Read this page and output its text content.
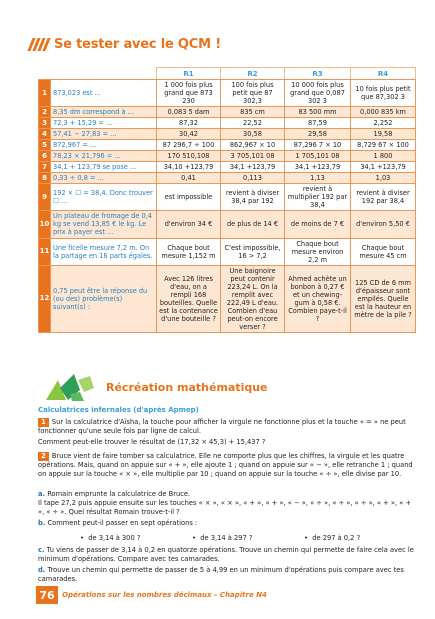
Se tester avec le QCM !
		R1	R2	R3	R4
1	873,023 est ...	1 000 fois plus grand que 873 230	100 fois plus petit que 87 302,3	10 000 fois plus grand que 0,087 302 3	10 fois plus petit que 87,302 3
2	8,35 dm correspond à ...	0,083 5 dam	835 cm	83 500 mm	0,000 835 km
3	72,3 + 15,29 = ...	87,32	22,52	87,59	2,252
4	57,41 − 27,83 = ...	30,42	30,58	29,58	19,58
5	872,967 = ...	87 296,7 ÷ 100	862,967 × 10	87,296 7 × 10	8,729 67 × 100
6	78,23 × 21,796 = ...	170 510,108	3 705,101 08	1 705,101 08	1 800
7	34,1 + 123,79 se pose ...	34,10 +123,79	34,1 +123,79	34,1 +123,79	34,1 +123,79
8	0,33 ÷ 0,8 = ...	0,41	0,113	1,13	1,03
9	192 × ☐ = 38,4. Donc trouver ☐ ...	est impossible	revient à diviser 38,4 par 192	revient à multiplier 192 par 38,4	revient à diviser 192 par 38,4
10	Un plateau de fromage de 0,4 kg se vend 13,85 € le kg. Le prix à payer est ...	d'environ 34 €	de plus de 14 €	de moins de 7 €	d'environ 5,50 €
11	Une ficelle mesure 7,2 m. On la partage en 16 parts égales.	Chaque bout mesure 1,152 m	C'est impossible, 16 > 7,2	Chaque bout mesure environ 2,2 m	Chaque bout mesure 45 cm
12	0,75 peut être la réponse du (ou des) problème(s) suivant(s) :	Avec 126 litres d'eau, on a rempli 168 bouteilles. Quelle est la contenance d'une bouteille ?	Une baignoire peut contenir 223,24 L. On la remplit avec 222,49 L d'eau. Combien d'eau peut-on encore verser ?	Ahmed achète un bonbon à 0,27 € et un chewing-gum à 0,58 €. Combien paye-t-il ?	125 CD de 6 mm d'épaisseur sont empilés. Quelle est la hauteur en mètre de la pile ?
Récréation mathématique
Calculatrices infernales (d'après Apmep)
1 Sur la calculatrice d'Aïsha, la touche pour afficher la virgule ne fonctionne plus et la touche « = » ne peut fonctionner qu'une seule fois par ligne de calcul.
Comment peut-elle trouver le résultat de (17,32 × 45,3) + 15,437 ?
2 Bruce vient de faire tomber sa calculatrice. Elle ne comporte plus que les chiffres, la virgule et les quatre opérations. Mais, quand on appuie sur « + », elle ajoute 1 ; quand on appuie sur « − », elle retranche 1 ; quand on appuie sur la touche « × », elle multiplie par 10 ; quand on appuie sur la touche « ÷ », elle divise par 10.
a. Romain emprunte la calculatrice de Bruce.
Il tape 27,2 puis appuie ensuite sur les touches « × », « × », « + », « + », « − », « ÷ », « ÷ », « ÷ », « + », « + », « ÷ ». Quel résultat Romain trouve-t-il ?
b. Comment peut-il passer en sept opérations :
•  de 3,14 à 300 ?	•  de 3,14 à 297 ?	•  de 297 à 0,2 ?
c. Tu viens de passer de 3,14 à 0,2 en quatorze opérations. Trouve un chemin qui permette de faire cela avec le minimum d'opérations. Compare avec tes camarades.
d. Trouve un chemin qui permette de passer de 5 à 4,99 en un minimum d'opérations puis compare avec tes camarades.
76	Opérations sur les nombres décimaux – Chapitre N4
